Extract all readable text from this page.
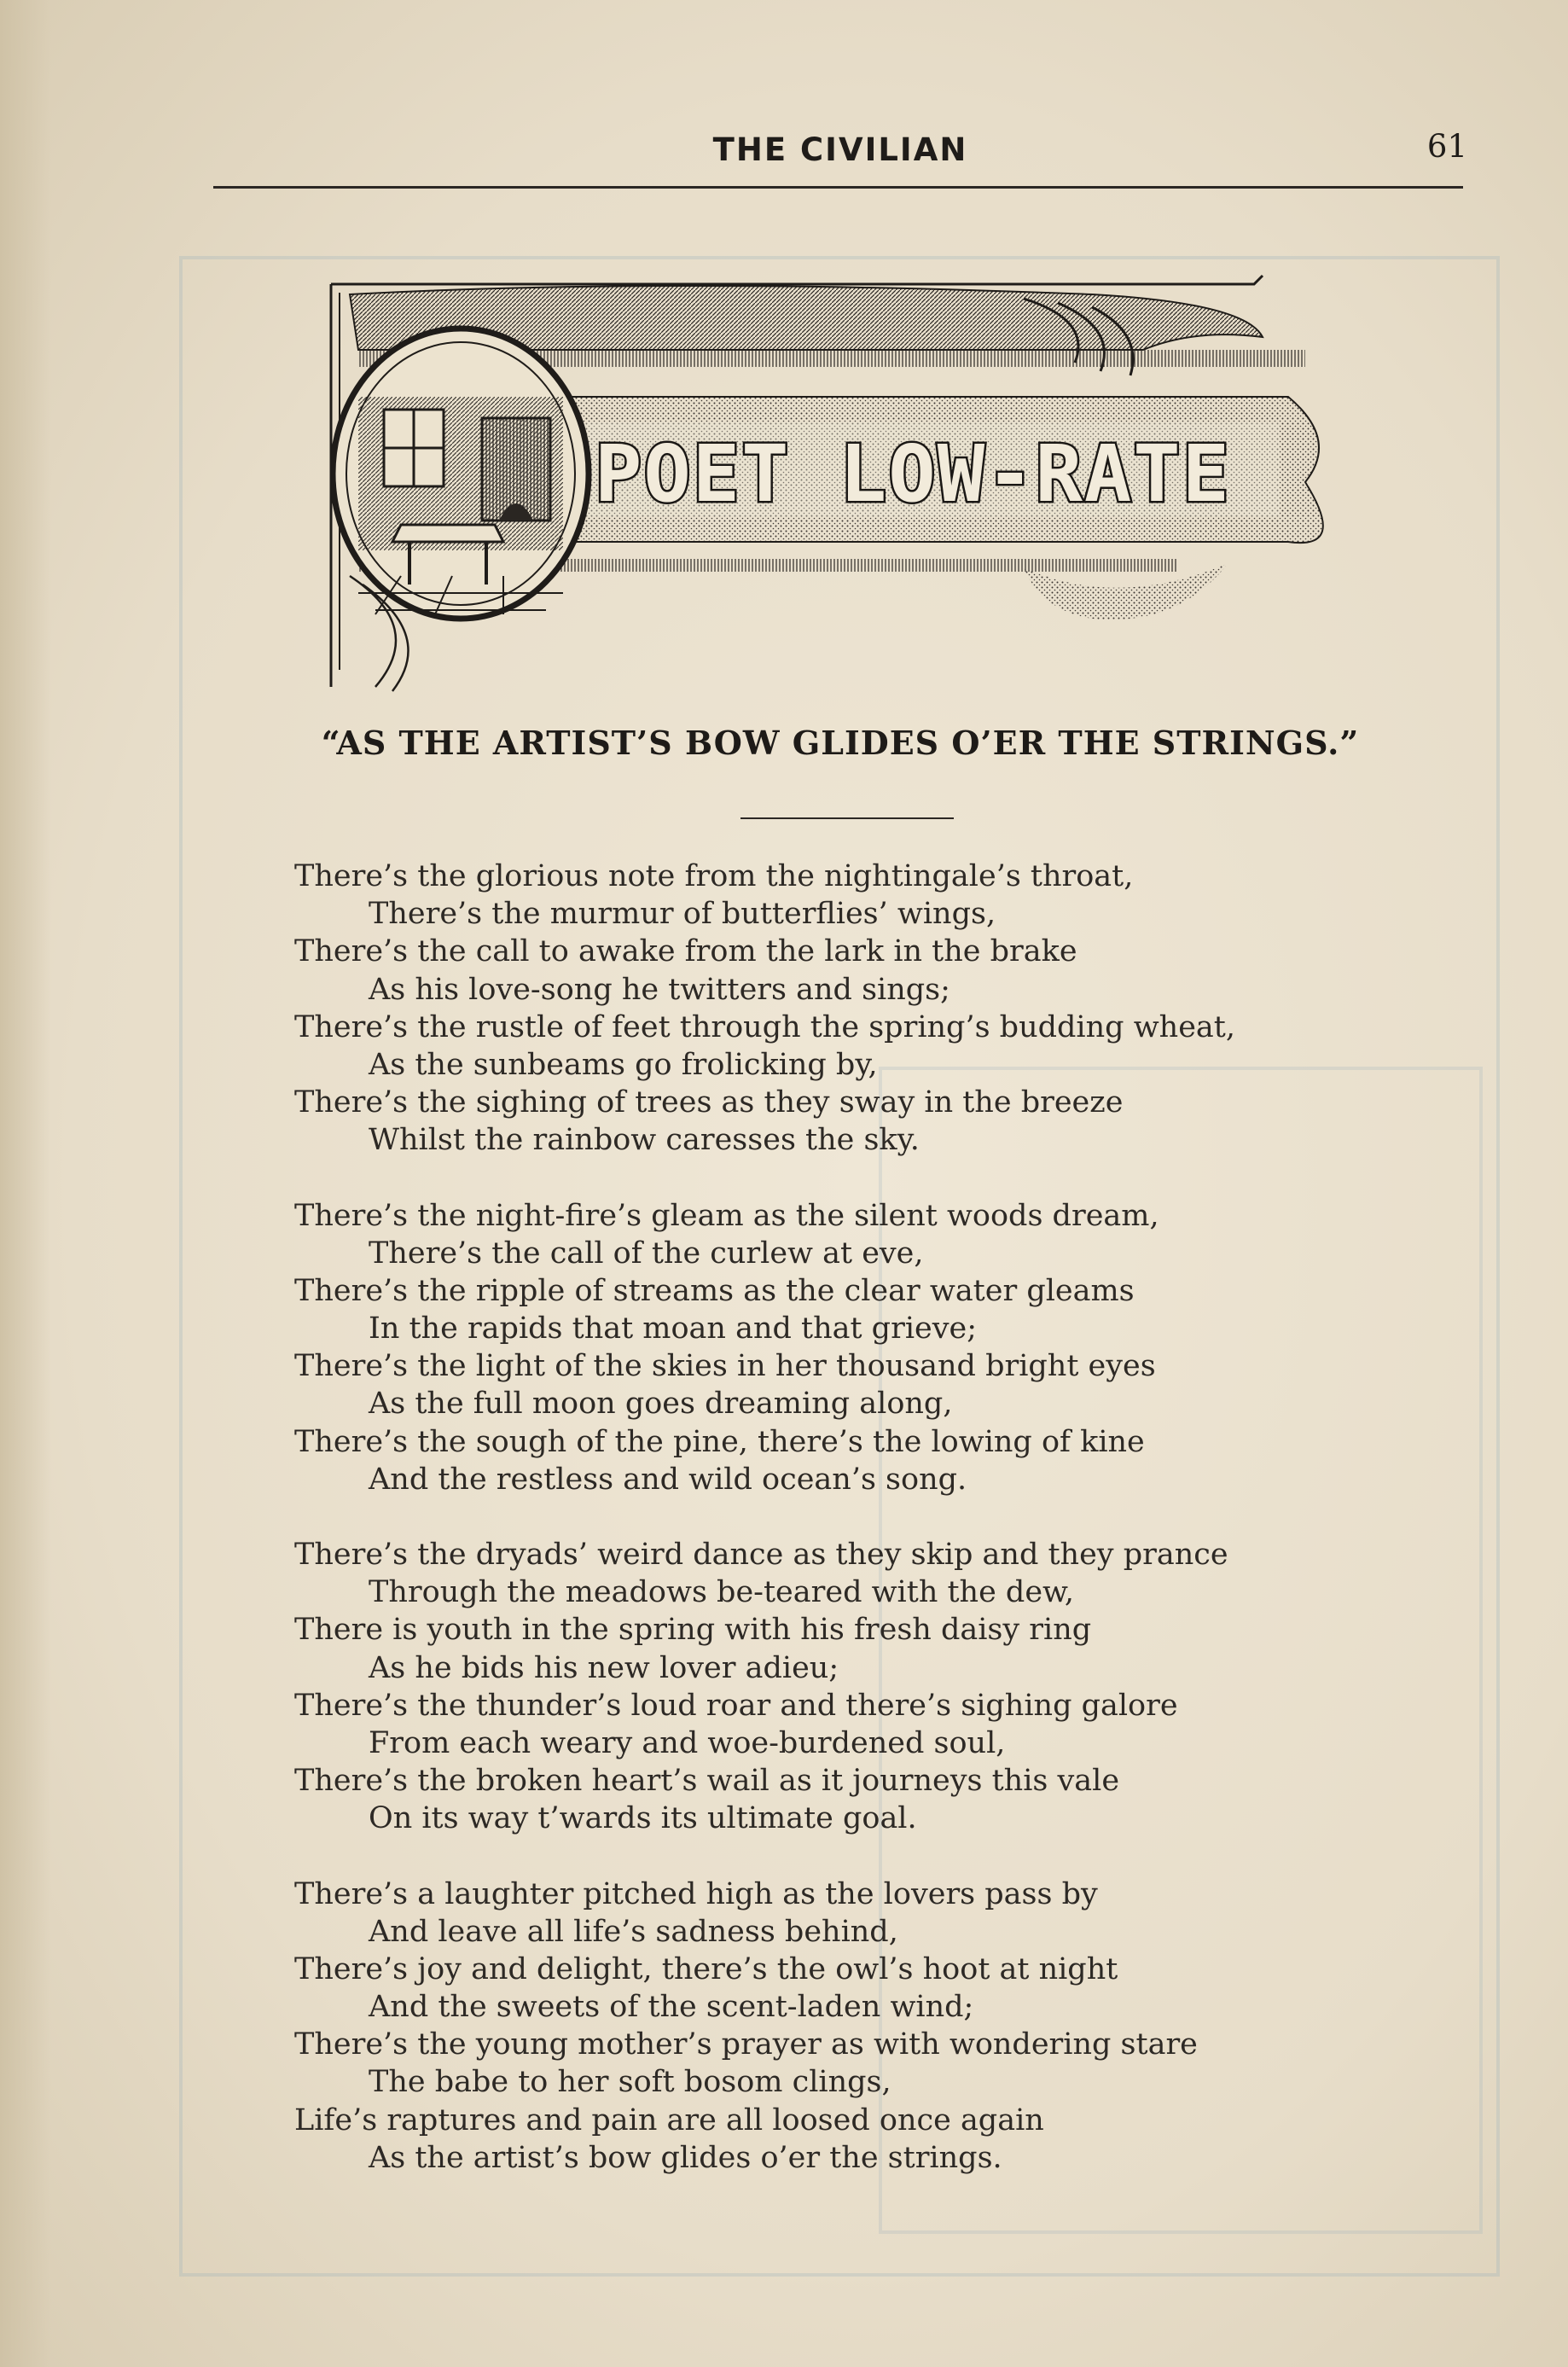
THE CIVILIAN	61
POET LOW-RATE
“AS THE ARTIST’S BOW GLIDES O’ER THE STRINGS.”
There’s the glorious note from the nightingale’s throat,
There’s the murmur of butterflies’ wings,
There’s the call to awake from the lark in the brake
As his love-song he twitters and sings;
There’s the rustle of feet through the spring’s budding wheat,
As the sunbeams go frolicking by,
There’s the sighing of trees as they sway in the breeze
Whilst the rainbow caresses the sky.
There’s the night-fire’s gleam as the silent woods dream,
There’s the call of the curlew at eve,
There’s the ripple of streams as the clear water gleams
In the rapids that moan and that grieve;
There’s the light of the skies in her thousand bright eyes
As the full moon goes dreaming along,
There’s the sough of the pine, there’s the lowing of kine
And the restless and wild ocean’s song.
There’s the dryads’ weird dance as they skip and they prance
Through the meadows be-teared with the dew,
There is youth in the spring with his fresh daisy ring
As he bids his new lover adieu;
There’s the thunder’s loud roar and there’s sighing galore
From each weary and woe-burdened soul,
There’s the broken heart’s wail as it journeys this vale
On its way t’wards its ultimate goal.
There’s a laughter pitched high as the lovers pass by
And leave all life’s sadness behind,
There’s joy and delight, there’s the owl’s hoot at night
And the sweets of the scent-laden wind;
There’s the young mother’s prayer as with wondering stare
The babe to her soft bosom clings,
Life’s raptures and pain are all loosed once again
As the artist’s bow glides o’er the strings.
